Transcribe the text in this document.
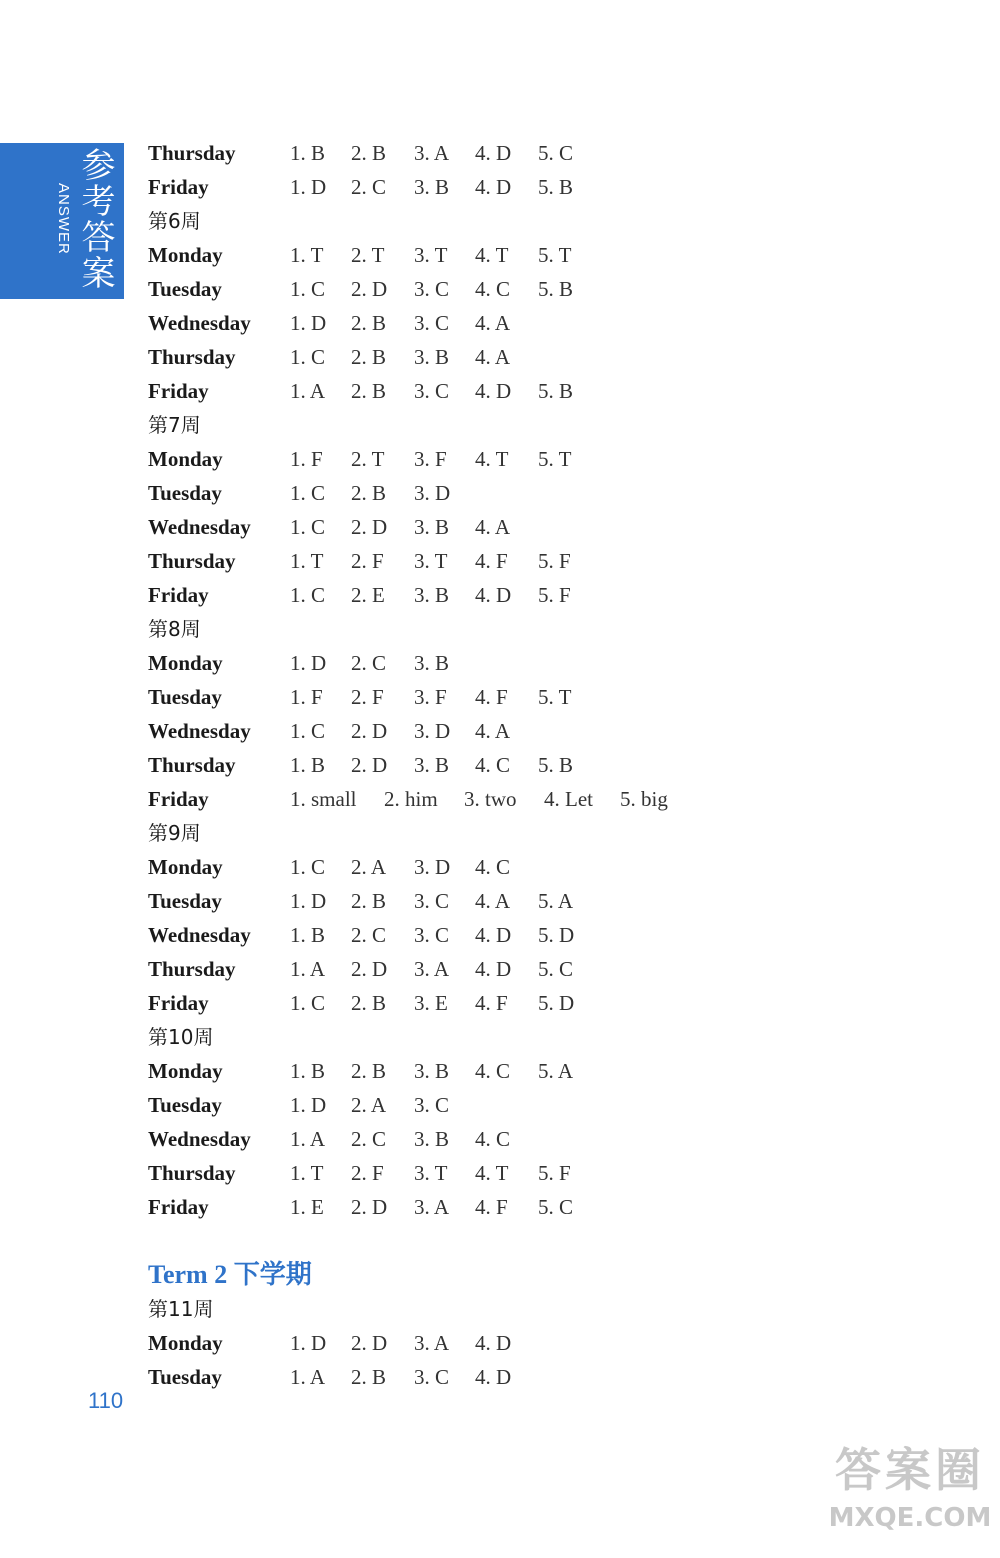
参考答案
ANSWER
Thursday	1. B 2. B 3. A 4. D 5. C
Friday	1. D 2. C 3. B 4. D 5. B
第6周
Monday	1. T 2. T 3. T 4. T 5. T
Tuesday	1. C 2. D 3. C 4. C 5. B
Wednesday 1. D 2. B 3. C 4. A
Thursday	1. C 2. B 3. B 4. A
Friday	1. A 2. B 3. C 4. D 5. B
第7周
Monday	1. F 2. T 3. F 4. T 5. T
Tuesday	1. C 2. B 3. D
Wednesday 1. C 2. D 3. B 4. A
Thursday	1. T 2. F 3. T 4. F 5. F
Friday	1. C 2. E 3. B 4. D 5. F
第8周
Monday	1. D 2. C 3. B
Tuesday	1. F 2. F 3. F 4. F 5. T
Wednesday 1. C 2. D 3. D 4. A
Thursday	1. B 2. D 3. B 4. C 5. B
Friday	1. small 2. him 3. two 4. Let 5. big
第9周
Monday	1. C 2. A 3. D 4. C
Tuesday	1. D 2. B 3. C 4. A 5. A
Wednesday 1. B 2. C 3. C 4. D 5. D
Thursday	1. A 2. D 3. A 4. D 5. C
Friday	1. C 2. B 3. E 4. F 5. D
第10周
Monday	1. B 2. B 3. B 4. C 5. A
Tuesday	1. D 2. A 3. C
Wednesday 1. A 2. C 3. B 4. C
Thursday	1. T 2. F 3. T 4. T 5. F
Friday	1. E 2. D 3. A 4. F 5. C
Term 2 下学期
第11周
Monday	1. D 2. D 3. A 4. D
Tuesday	1. A 2. B 3. C 4. D
110
答案圈
MXQE.COM
